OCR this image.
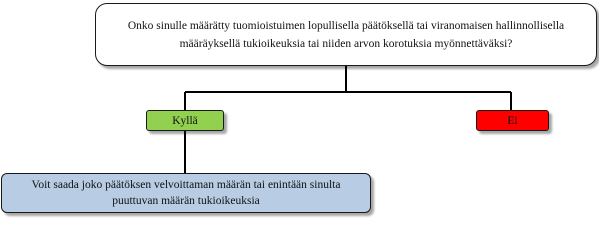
Onko sinulle määrätty tuomioistuimen lopullisella päätöksellä tai viranomaisen hallinnollisella määräyksellä tukioikeuksia tai niiden arvon korotuksia myönnettäväksi?
Kyllä	Ei
Voit saada joko päätöksen velvoittaman määrän tai enintään sinulta puuttuvan määrän tukioikeuksia
